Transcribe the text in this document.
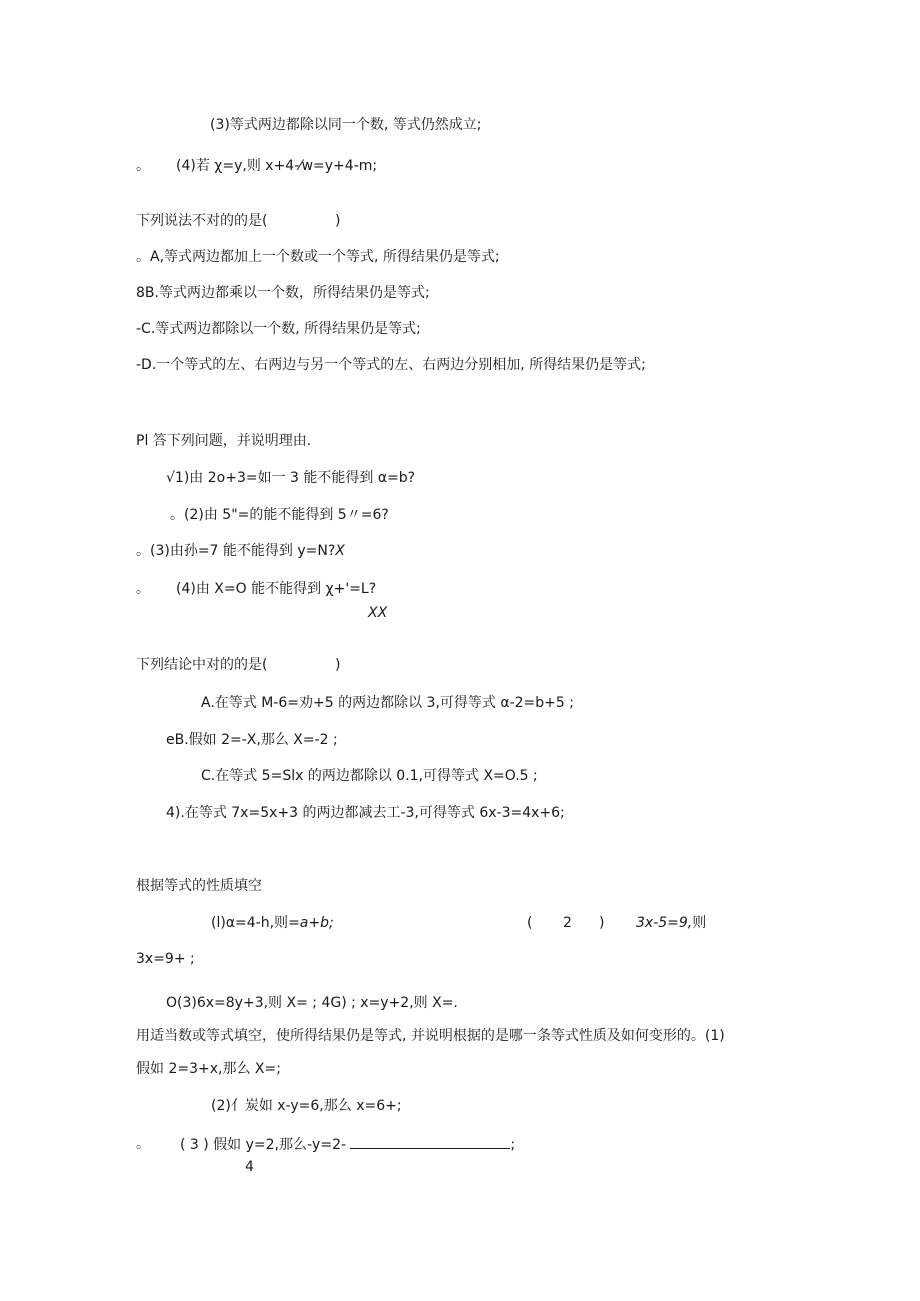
(3)等式两边都除以同一个数, 等式仍然成立;
。 (4)若 χ=y,则 x+4-⁄w=y+4-m;
下列说法不对的的是(	)
。A,等式两边都加上一个数或一个等式, 所得结果仍是等式;
8B.等式两边都乘以一个数，所得结果仍是等式;
-C.等式两边都除以一个数, 所得结果仍是等式;
-D.一个等式的左、右两边与另一个等式的左、右两边分别相加, 所得结果仍是等式;
Pl 答下列问题，并说明理由.
√1)由 2o+3=如一 3 能不能得到 α=b?
。(2)由 5"=的能不能得到 5〃=6?
。(3)由孙=7 能不能得到 y=N?X
。 (4)由 X=O 能不能得到 χ+'=L?
XX
下列结论中对的的是(	)
A.在等式 M-6=劝+5 的两边都除以 3,可得等式 α-2=b+5 ;
eB.假如 2=-X,那么 X=-2 ;
C.在等式 5=Slx 的两边都除以 0.1,可得等式 X=O.5 ;
4).在等式 7x=5x+3 的两边都减去工-3,可得等式 6x-3=4x+6;
根据等式的性质填空
(l)α=4-h,则=a+b;	( 2 ) 3x-5=9,则
3x=9+ ;
O(3)6x=8y+3,则 X= ; 4G) ; x=y+2,则 X=.
用适当数或等式填空，使所得结果仍是等式, 并说明根据的是哪一条等式性质及如何变形的。(1)
假如 2=3+x,那么 X=;
(2)亻炭如 x-y=6,那么 x=6+;
。 ( 3 ) 假如 y=2,那么-y=2-	;
4
